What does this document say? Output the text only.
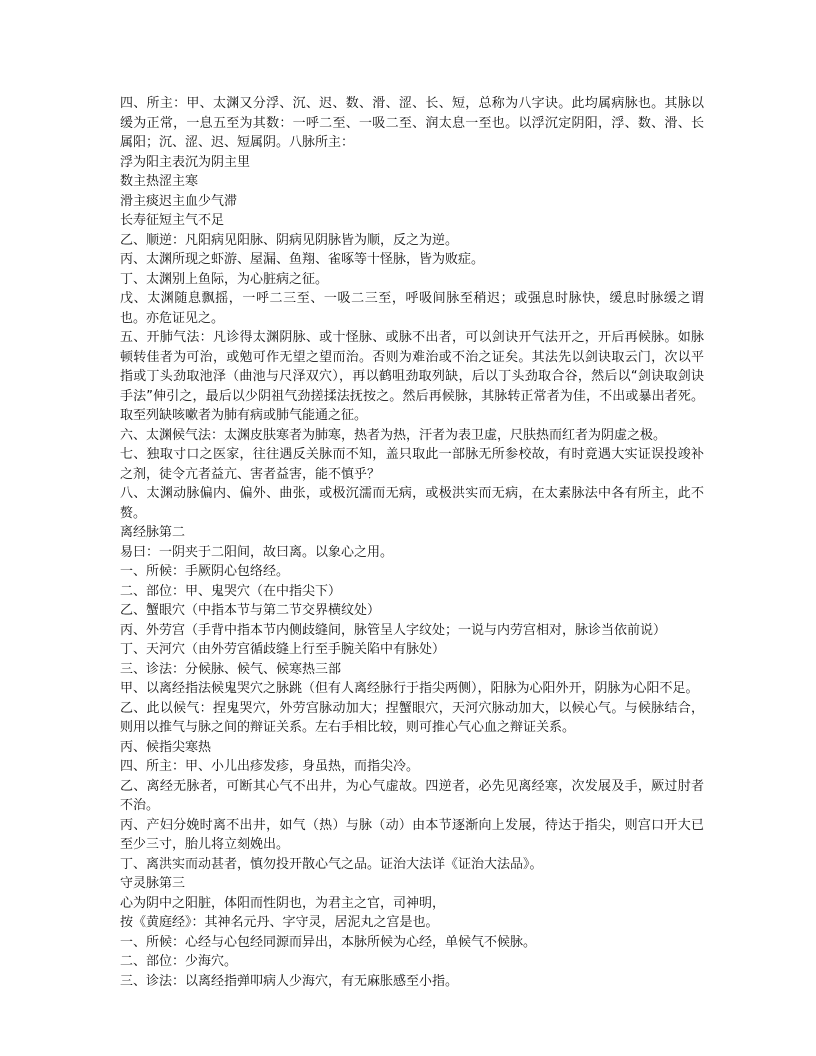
四、所主：甲、太渊又分浮、沉、迟、数、滑、涩、长、短，总称为八字诀。此均属病脉也。其脉以缓为正常，一息五至为其数：一呼二至、一吸二至、润太息一至也。以浮沉定阴阳，浮、数、滑、长属阳；沉、涩、迟、短属阴。八脉所主：

浮为阳主表沉为阴主里

数主热涩主寒

滑主痰迟主血少气滞

长寿征短主气不足

乙、顺逆：凡阳病见阳脉、阴病见阴脉皆为顺，反之为逆。

丙、太渊所现之虾游、屋漏、鱼翔、雀啄等十怪脉，皆为败症。

丁、太渊别上鱼际，为心脏病之征。

戊、太渊随息飘摇，一呼二三至、一吸二三至，呼吸间脉至稍迟；或强息时脉快，缓息时脉缓之谓也。亦危证见之。

五、开肺气法：凡诊得太渊阴脉、或十怪脉、或脉不出者，可以剑诀开气法开之，开后再候脉。如脉顿转佳者为可治，或勉可作无望之望而治。否则为难治或不治之证矣。其法先以剑诀取云门，次以平指或丁头劲取池泽（曲池与尺泽双穴），再以鹤咀劲取列缺，后以丁头劲取合谷，然后以“剑诀取剑诀手法”伸引之，最后以少阴祖气劲搓揉法抚按之。然后再候脉，其脉转正常者为佳，不出或暴出者死。取至列缺咳嗽者为肺有病或肺气能通之征。

六、太渊候气法：太渊皮肤寒者为肺寒，热者为热，汗者为表卫虚，尺肤热而红者为阴虚之极。

七、独取寸口之医家，往往遇反关脉而不知，盖只取此一部脉无所参校故，有时竟遇大实证误投竣补之剂，徒令亢者益亢、害者益害，能不慎乎？

八、太渊动脉偏内、偏外、曲张，或极沉濡而无病，或极洪实而无病，在太素脉法中各有所主，此不赘。

离经脉第二

易曰：一阴夹于二阳间，故曰离。以象心之用。

一、所候：手厥阴心包络经。

二、部位：甲、鬼哭穴（在中指尖下）

乙、蟹眼穴（中指本节与第二节交界横纹处）

丙、外劳宫（手背中指本节内侧歧缝间，脉管呈人字纹处；一说与内劳宫相对，脉诊当依前说）

丁、天河穴（由外劳宫循歧缝上行至手腕关陷中有脉处）

三、诊法：分候脉、候气、候寒热三部

甲、以离经指法候鬼哭穴之脉跳（但有人离经脉行于指尖两侧），阳脉为心阳外开，阴脉为心阳不足。

乙、此以候气：捏鬼哭穴，外劳宫脉动加大；捏蟹眼穴，天河穴脉动加大，以候心气。与候脉结合，则用以推气与脉之间的辩证关系。左右手相比较，则可推心气心血之辩证关系。

丙、候指尖寒热

四、所主：甲、小儿出疹发疹，身虽热，而指尖冷。

乙、离经无脉者，可断其心气不出井，为心气虚故。四逆者，必先见离经寒，次发展及手，厥过肘者不治。

丙、产妇分娩时离不出井，如气（热）与脉（动）由本节逐渐向上发展，待达于指尖，则宫口开大已至少三寸，胎儿将立刻娩出。

丁、离洪实而动甚者，慎勿投开散心气之品。证治大法详《证治大法品》。

守灵脉第三

心为阴中之阳脏，体阳而性阴也，为君主之官，司神明，

按《黄庭经》：其神名元丹、字守灵，居泥丸之宫是也。

一、所候：心经与心包经同源而异出，本脉所候为心经，单候气不候脉。

二、部位：少海穴。

三、诊法：以离经指弹叩病人少海穴，有无麻胀感至小指。
